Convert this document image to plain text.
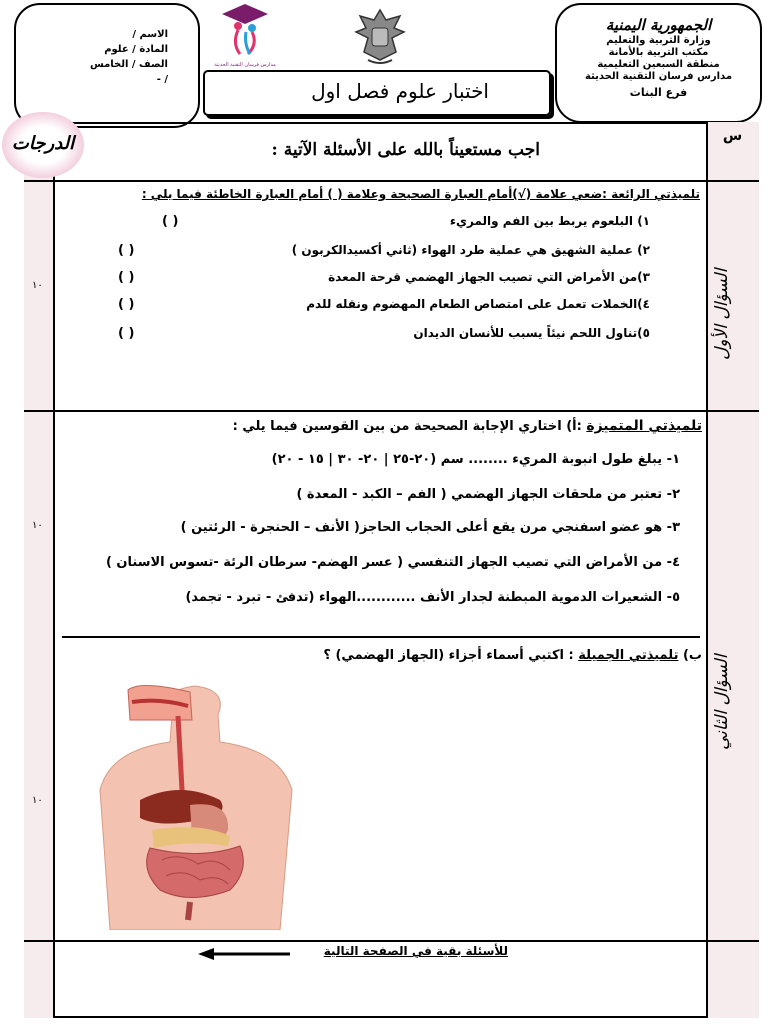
الجمهورية اليمنية
وزارة التربية والتعليم
مكتب التربية بالأمانة
منطقة السبعين التعليمية
مدارس فرسان التقنية الحديثة
فرع البنات
مدارس فرسان التقنية الحديثة
الاسم /
المادة / علوم
الصف / الخامس
/ -	اختبار علوم فصل اول
الدرجات	س
اجب مستعيناً بالله على الأسئلة الآتية :
السؤال الأول
١٠
تلميذتي الرائعة :ضعي علامة (√)أمام العبارة الصحيحة وعلامة ( ) أمام العبارة الخاطئة فيما يلي :
١) البلعوم يربط بين الفم والمريء
( )
٢) عملية الشهيق هي عملية طرد الهواء (ثاني أكسيدالكربون )
( )
٣)من الأمراض التي تصيب الجهاز الهضمي قرحة المعدة
( )
٤)الخملات تعمل على امتصاص الطعام المهضوم ونقله للدم
( )
٥)تناول اللحم نيئاً يسبب للأنسان الديدان
( )
السؤال الثاني
١٠
١٠
تلميذتي المتميزة :أ) اختاري الإجابة الصحيحة من بين القوسين فيما يلي :
١- يبلغ طول انبوبة المريء ........ سم (٢٠-٢٥ | ٢٠- ٣٠ | ١٥ - ٢٠)
٢- تعتبر من ملحقات الجهاز الهضمي ( الفم – الكبد - المعدة )
٣- هو عضو اسفنجي مرن يقع أعلى الحجاب الحاجز( الأنف – الحنجرة - الرئتين )
٤- من الأمراض التي تصيب الجهاز التنفسي ( عسر الهضم- سرطان الرئة -تسوس الاسنان )
٥- الشعيرات الدموية المبطنة لجدار الأنف ............الهواء (تدفئ - تبرد - تجمد)
ب) تلميذتي الجميلة : اكتبي أسماء أجزاء (الجهاز الهضمي) ؟
للأسئلة بقية في الصفحة التالية
